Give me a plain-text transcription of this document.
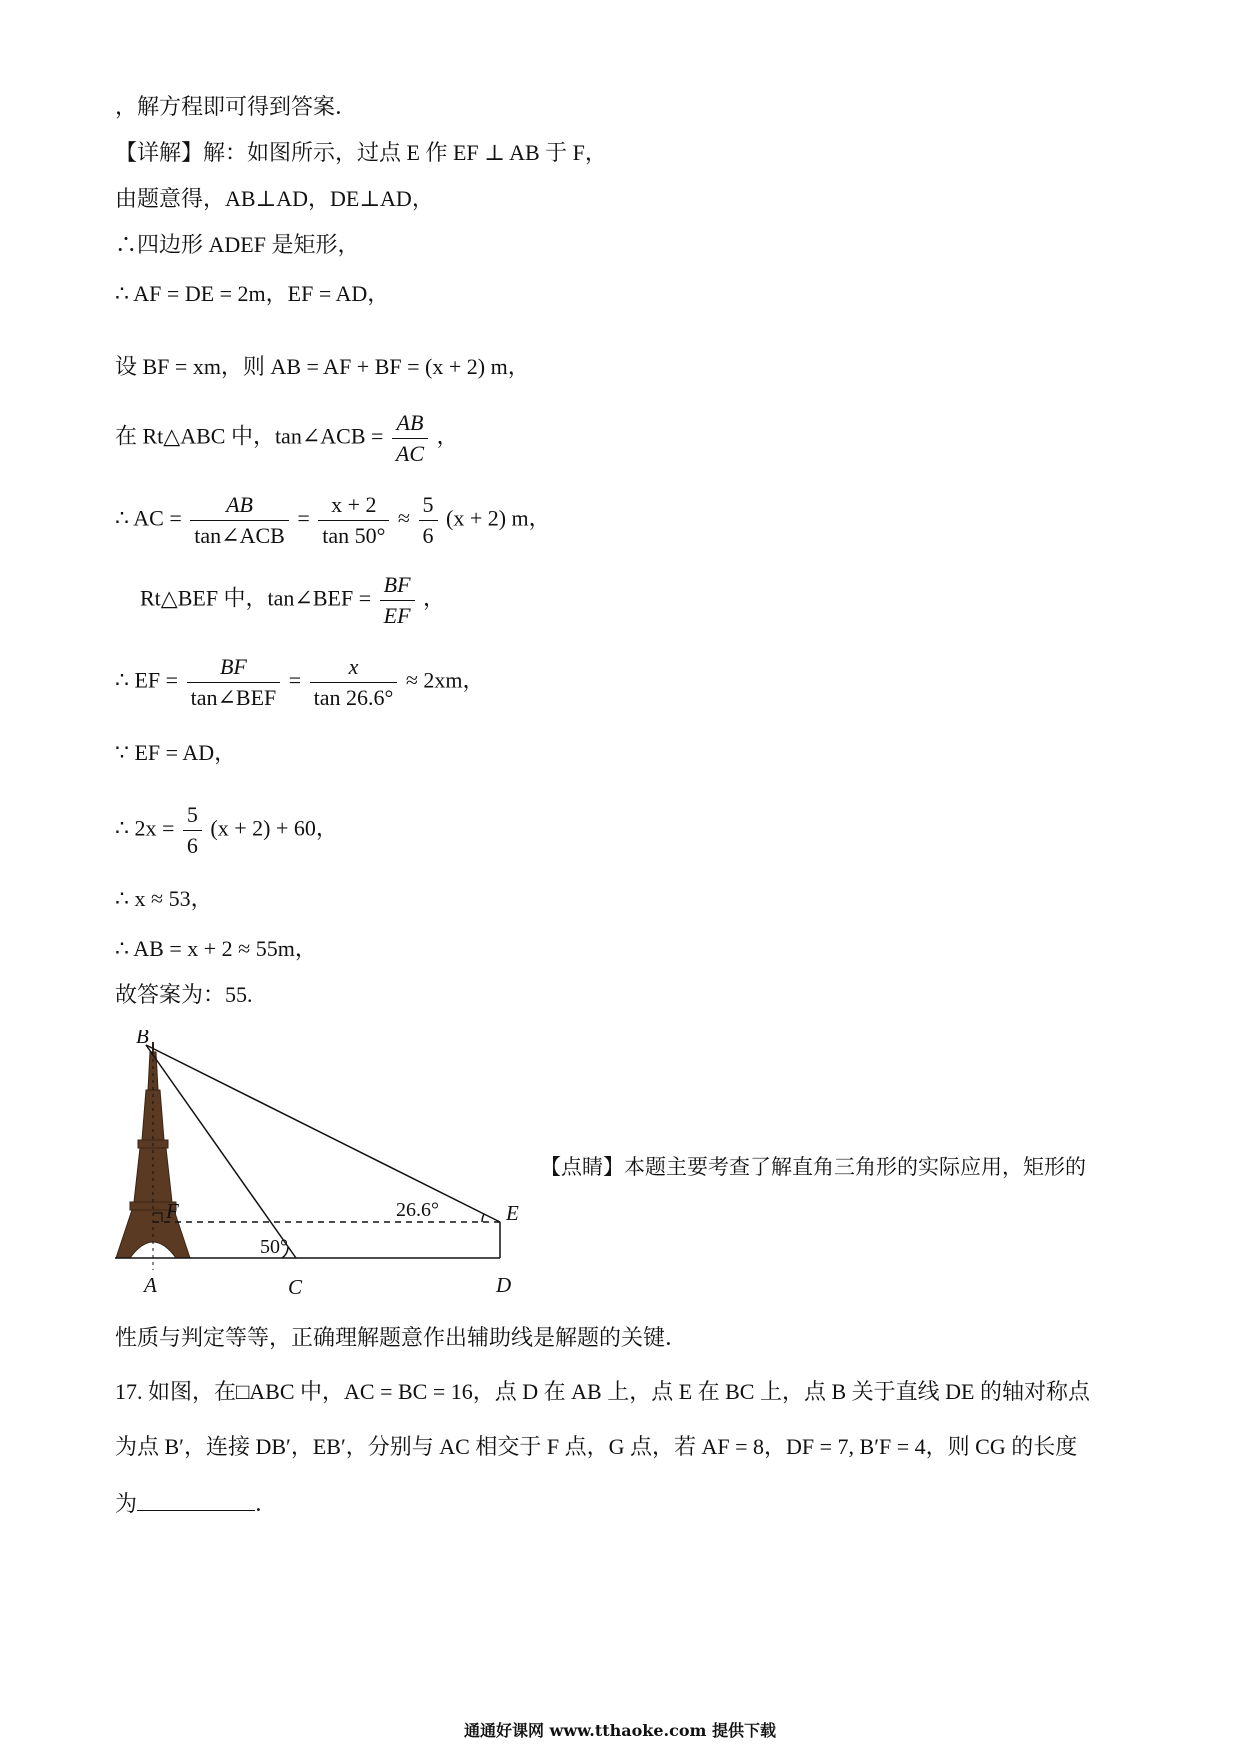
，解方程即可得到答案．
【详解】解：如图所示，过点 E 作 EF ⊥ AB 于 F，
由题意得，AB⊥AD，DE⊥AD，
∴四边形 ADEF 是矩形，
∴ AF = DE = 2m，EF = AD，
设 BF = xm，则 AB = AF + BF = (x + 2) m，
在 Rt△ABC 中，tan∠ACB = $\frac{AB}{AC}$ ，
∴ AC = $\frac{AB}{\text{tan∠ACB}} = \frac{x + 2}{\tan 50^\circ} \approx \frac{5}{6} (x + 2)$ m，
Rt△BEF 中，tan∠BEF = $\frac{BF}{EF}$ ，
∴ EF = $\frac{BF}{\text{tan∠BEF}} = \frac{x}{\tan 26.6^\circ} \approx 2xm$，
∵ EF = AD，
∴ $2x = \frac{5}{6} (x + 2) + 60$，
∴ x ≈ 53，
∴ AB = x + 2 ≈ 55m，
故答案为：55.
B
F	E
A	C	D
26.6°
50°
【点睛】本题主要考查了解直角三角形的实际应用，矩形的
性质与判定等等，正确理解题意作出辅助线是解题的关键．
17. 如图，在□ABC 中，AC = BC = 16，点 D 在 AB 上，点 E 在 BC 上，点 B 关于直线 DE 的轴对称点
为点 B′，连接 DB′，EB′，分别与 AC 相交于 F 点，G 点，若 AF = 8，DF = 7, B′F = 4，则 CG 的长度
为	．
通通好课网 www.tthaoke.com 提供下载
